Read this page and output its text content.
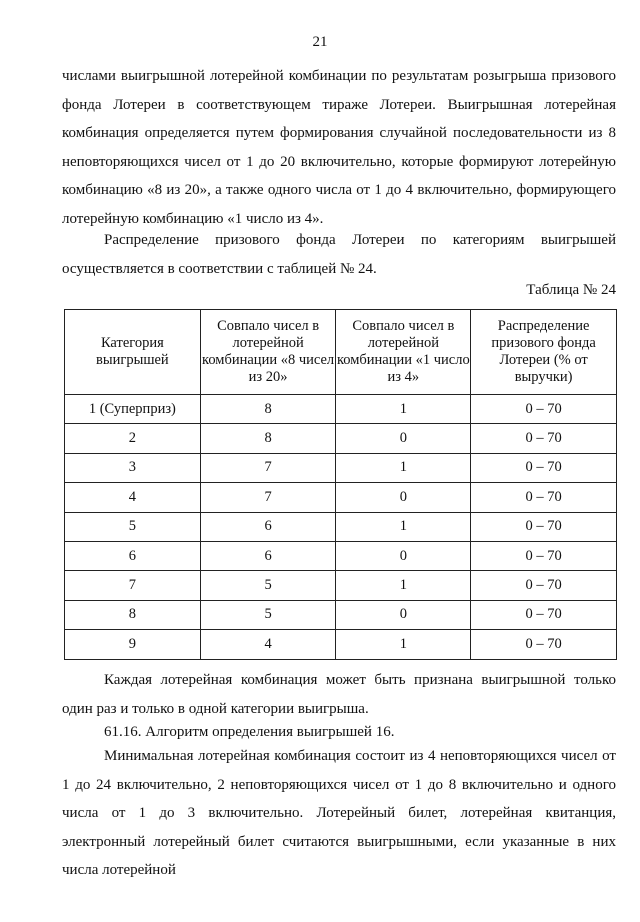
21

числами выигрышной лотерейной комбинации по результатам розыгрыша призового фонда Лотереи в соответствующем тираже Лотереи. Выигрышная лотерейная комбинация определяется путем формирования случайной последовательности из 8 неповторяющихся чисел от 1 до 20 включительно, которые формируют лотерейную комбинацию «8 из 20», а также одного числа от 1 до 4 включительно, формирующего лотерейную комбинацию «1 число из 4».

Распределение призового фонда Лотереи по категориям выигрышей осуществляется в соответствии с таблицей № 24.

Таблица № 24
Категория выигрышей	Совпало чисел в лотерейной комбинации «8 чисел из 20»	Совпало чисел в лотерейной комбинации «1 число из 4»	Распределение призового фонда Лотереи (% от выручки)
1 (Суперприз)	8	1	0 – 70
2	8	0	0 – 70
3	7	1	0 – 70
4	7	0	0 – 70
5	6	1	0 – 70
6	6	0	0 – 70
7	5	1	0 – 70
8	5	0	0 – 70
9	4	1	0 – 70

Каждая лотерейная комбинация может быть признана выигрышной только один раз и только в одной категории выигрыша.

61.16. Алгоритм определения выигрышей 16.

Минимальная лотерейная комбинация состоит из 4 неповторяющихся чисел от 1 до 24 включительно, 2 неповторяющихся чисел от 1 до 8 включительно и одного числа от 1 до 3 включительно. Лотерейный билет, лотерейная квитанция, электронный лотерейный билет считаются выигрышными, если указанные в них числа лотерейной
